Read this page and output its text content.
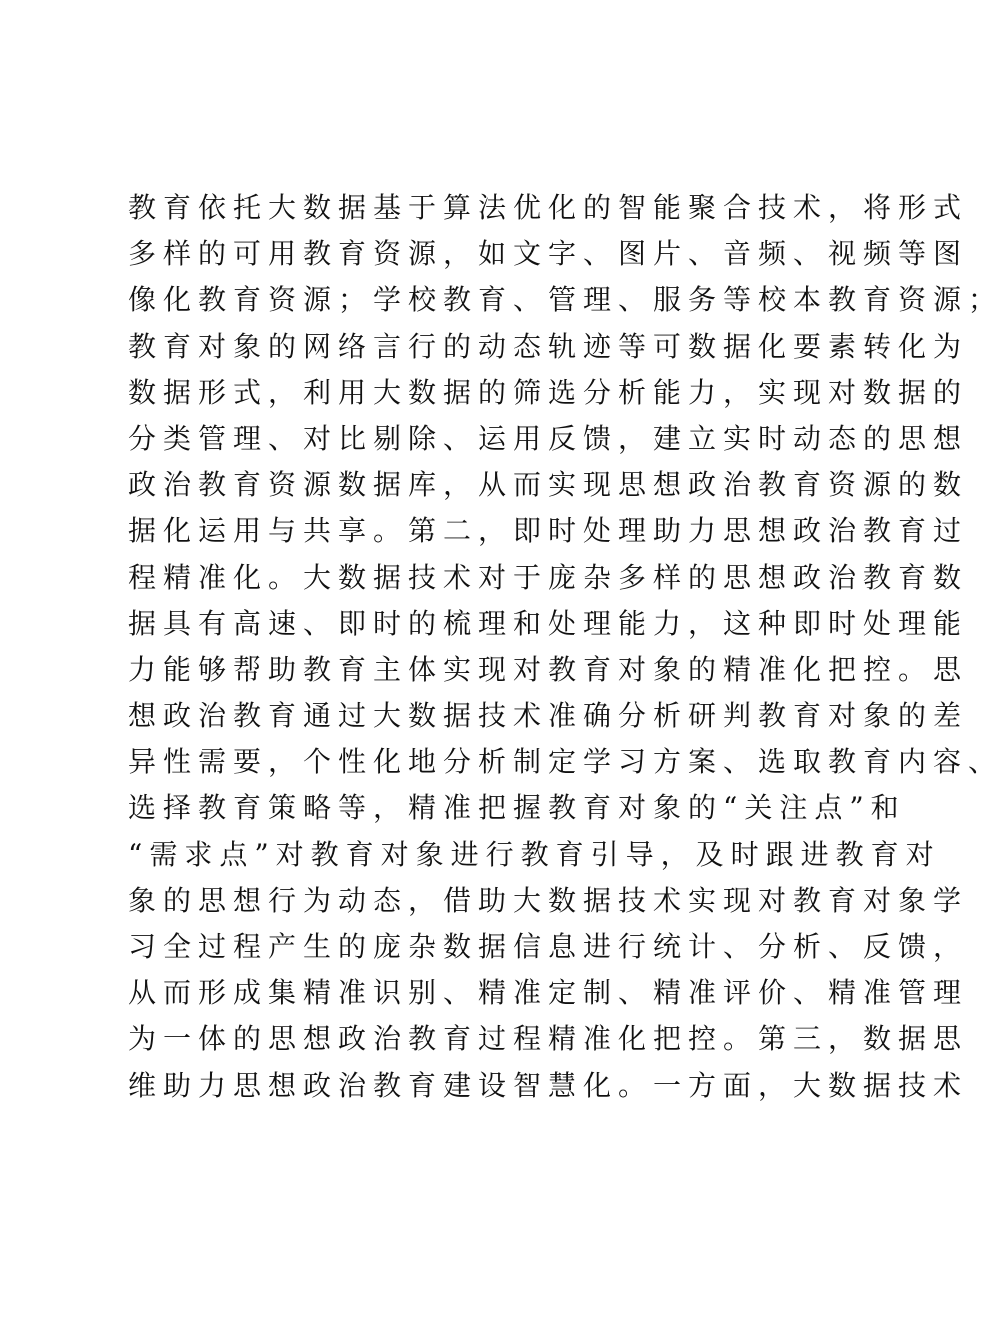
教育依托大数据基于算法优化的智能聚合技术，将形式
多样的可用教育资源，如文字、图片、音频、视频等图
像化教育资源；学校教育、管理、服务等校本教育资源；
教育对象的网络言行的动态轨迹等可数据化要素转化为
数据形式，利用大数据的筛选分析能力，实现对数据的
分类管理、对比剔除、运用反馈，建立实时动态的思想
政治教育资源数据库，从而实现思想政治教育资源的数
据化运用与共享。第二，即时处理助力思想政治教育过
程精准化。大数据技术对于庞杂多样的思想政治教育数
据具有高速、即时的梳理和处理能力，这种即时处理能
力能够帮助教育主体实现对教育对象的精准化把控。思
想政治教育通过大数据技术准确分析研判教育对象的差
异性需要，个性化地分析制定学习方案、选取教育内容、
选择教育策略等，精准把握教育对象的“关注点”和
“需求点”对教育对象进行教育引导，及时跟进教育对
象的思想行为动态，借助大数据技术实现对教育对象学
习全过程产生的庞杂数据信息进行统计、分析、反馈，
从而形成集精准识别、精准定制、精准评价、精准管理
为一体的思想政治教育过程精准化把控。第三，数据思
维助力思想政治教育建设智慧化。一方面，大数据技术
